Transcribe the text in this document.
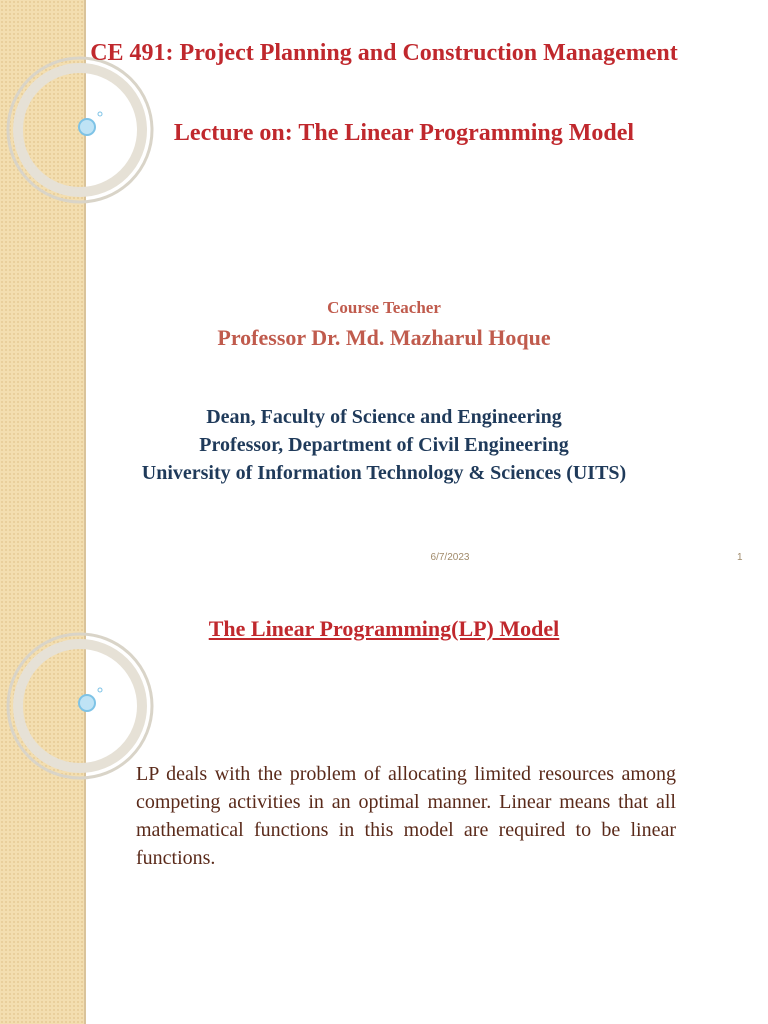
CE 491: Project Planning and Construction Management
Lecture on: The Linear Programming Model
Course Teacher
Professor Dr. Md. Mazharul Hoque
Dean, Faculty of Science and Engineering
Professor, Department of Civil Engineering
University of Information Technology & Sciences (UITS)
6/7/2023	1
The Linear Programming(LP) Model
LP deals with the problem of allocating limited resources among competing activities in an optimal manner. Linear means that all mathematical functions in this model are required to be linear functions.
